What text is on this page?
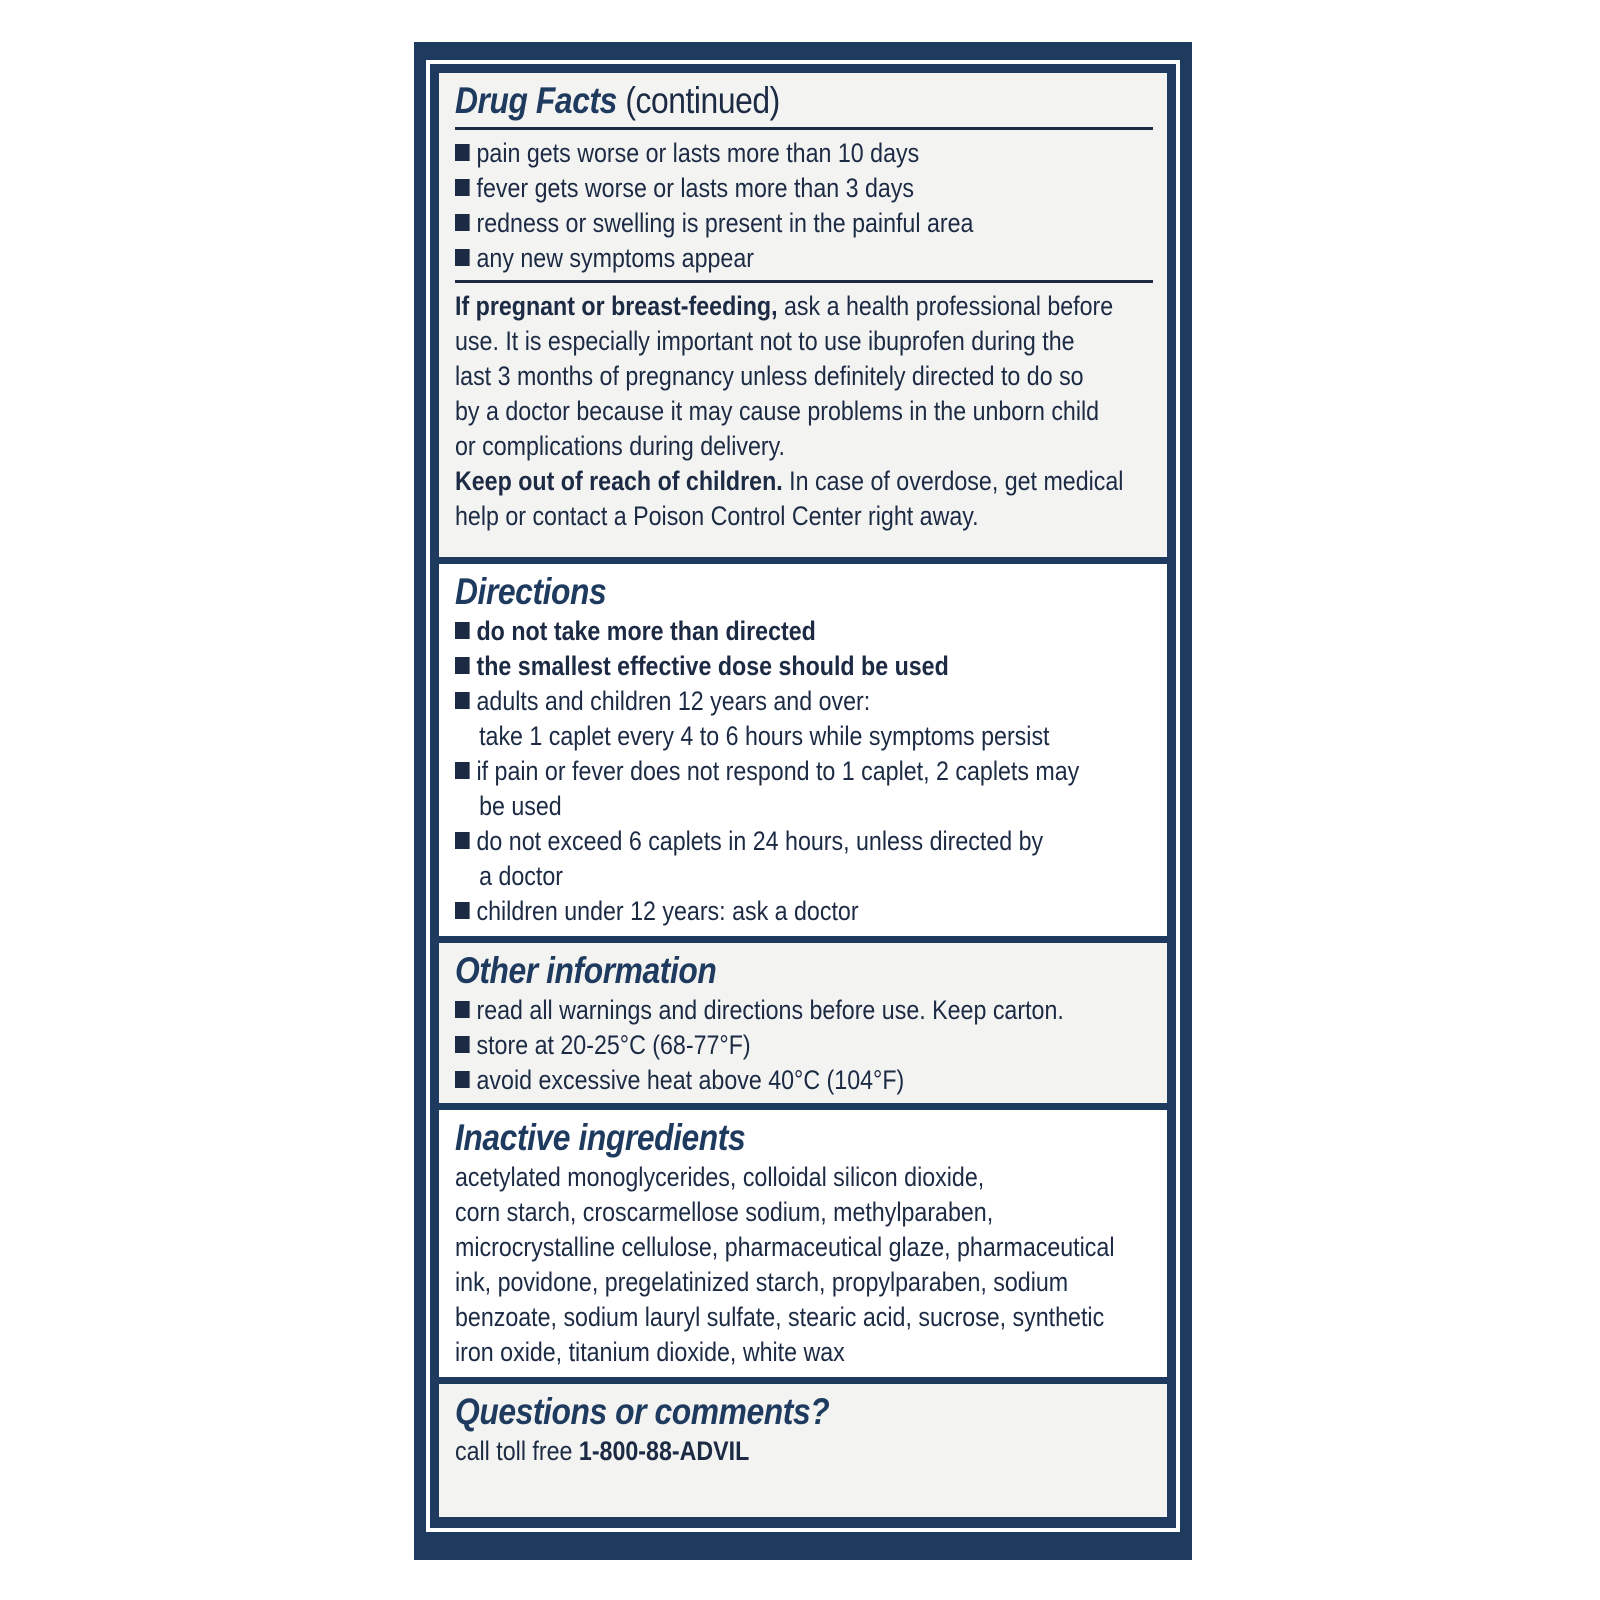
Drug Facts (continued)
pain gets worse or lasts more than 10 days
fever gets worse or lasts more than 3 days
redness or swelling is present in the painful area
any new symptoms appear
If pregnant or breast-feeding, ask a health professional before
use. It is especially important not to use ibuprofen during the
last 3 months of pregnancy unless definitely directed to do so
by a doctor because it may cause problems in the unborn child
or complications during delivery.
Keep out of reach of children. In case of overdose, get medical
help or contact a Poison Control Center right away.
Directions
do not take more than directed
the smallest effective dose should be used
adults and children 12 years and over:
take 1 caplet every 4 to 6 hours while symptoms persist
if pain or fever does not respond to 1 caplet, 2 caplets may
be used
do not exceed 6 caplets in 24 hours, unless directed by
a doctor
children under 12 years: ask a doctor
Other information
read all warnings and directions before use. Keep carton.
store at 20-25°C (68-77°F)
avoid excessive heat above 40°C (104°F)
Inactive ingredients
acetylated monoglycerides, colloidal silicon dioxide,
corn starch, croscarmellose sodium, methylparaben,
microcrystalline cellulose, pharmaceutical glaze, pharmaceutical
ink, povidone, pregelatinized starch, propylparaben, sodium
benzoate, sodium lauryl sulfate, stearic acid, sucrose, synthetic
iron oxide, titanium dioxide, white wax
Questions or comments?
call toll free 1-800-88-ADVIL
